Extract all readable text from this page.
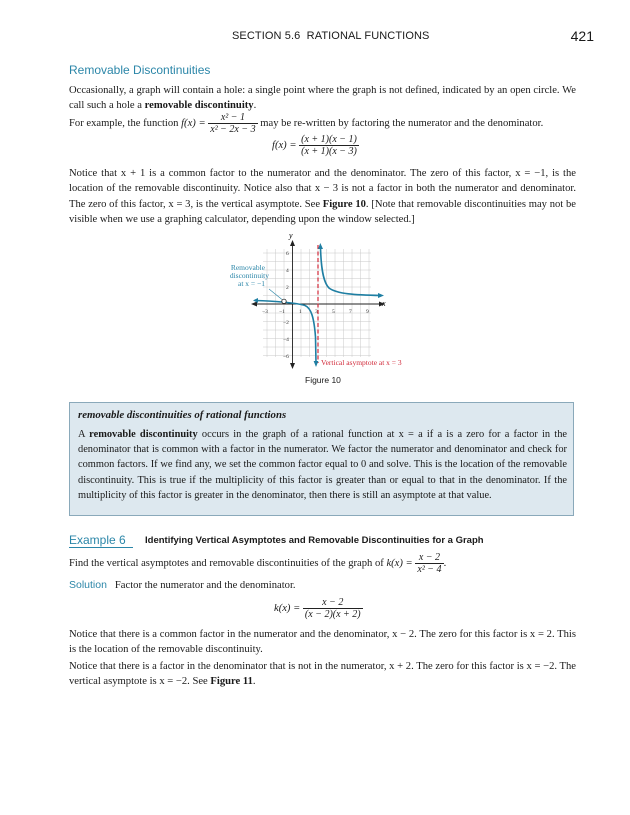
SECTION 5.6 RATIONAL FUNCTIONS	421
Removable Discontinuities
Occasionally, a graph will contain a hole: a single point where the graph is not defined, indicated by an open circle. We call such a hole a removable discontinuity.
For example, the function $f(x) = \frac{\text{x² − 1}}{\text{x² − 2x − 3}}$ may be re-written by factoring the numerator and the denominator.
$f(x) = \frac{(x + 1)(x - 1)}{(x + 1)(x - 3)}$
Notice that x + 1 is a common factor to the numerator and the denominator. The zero of this factor, x = −1, is the location of the removable discontinuity. Notice also that x − 3 is not a factor in both the numerator and denominator. The zero of this factor, x = 3, is the vertical asymptote. See Figure 10. [Note that removable discontinuities may not be visible when we use a graphing calculator, depending upon the window selected.]
y
x
−3 −1	1 3	5	7	9
6
4
2
−2
−4
−6
Removable
discontinuity
at x = −1
Vertical asymptote at x = 3
Figure 10
removable discontinuities of rational functions
A removable discontinuity occurs in the graph of a rational function at x = a if a is a zero for a factor in the denominator that is common with a factor in the numerator. We factor the numerator and denominator and check for common factors. If we find any, we set the common factor equal to 0 and solve. This is the location of the removable discontinuity. This is true if the multiplicity of this factor is greater than or equal to that in the denominator. If the multiplicity of this factor is greater in the denominator, then there is still an asymptote at that value.
Example 6 Identifying Vertical Asymptotes and Removable Discontinuities for a Graph
Find the vertical asymptotes and removable discontinuities of the graph of $k(x) = \frac{x - 2}{\text{x² − 4}}$ .
Solution Factor the numerator and the denominator.
$k(x) = \frac{x - 2}{(x - 2)(x + 2)}$
Notice that there is a common factor in the numerator and the denominator, x − 2. The zero for this factor is x = 2. This is the location of the removable discontinuity.
Notice that there is a factor in the denominator that is not in the numerator, x + 2. The zero for this factor is x = −2. The vertical asymptote is x = −2. See Figure 11.
